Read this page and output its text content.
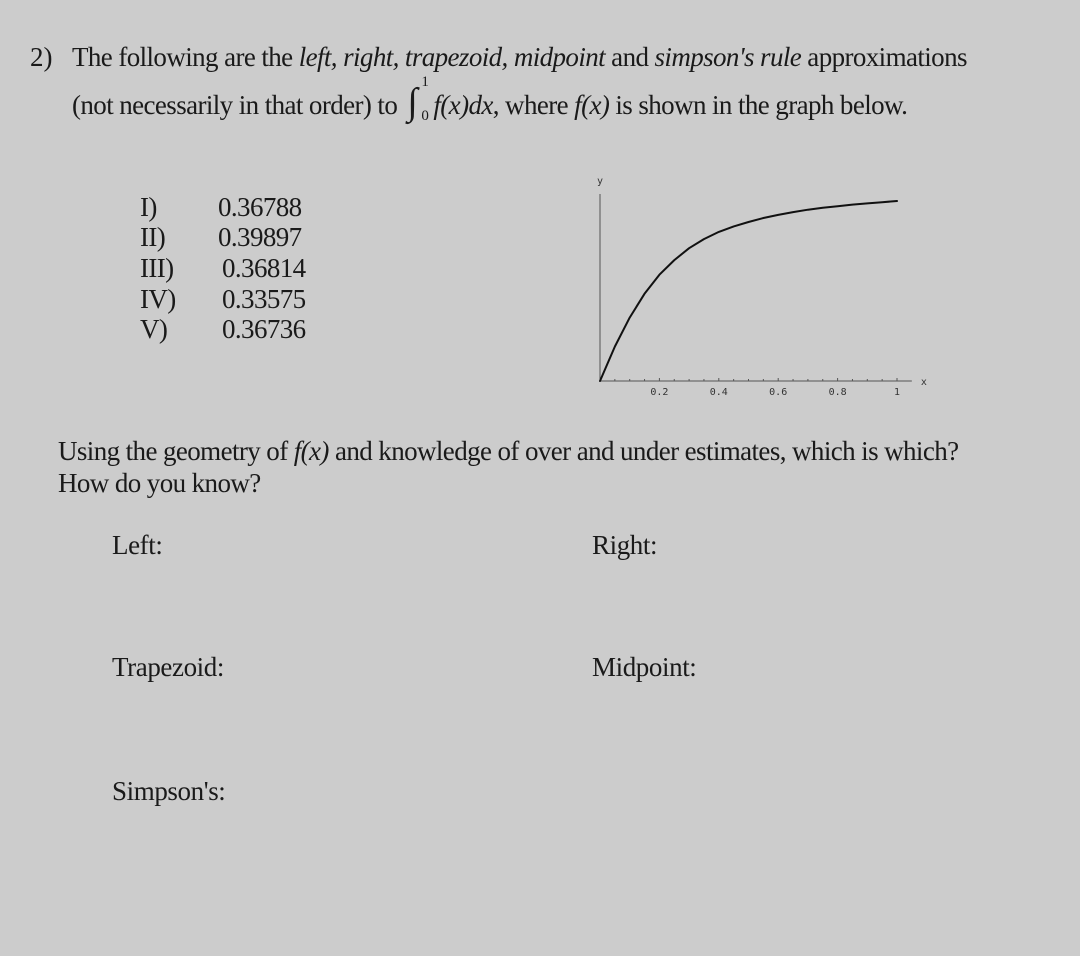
2) The following are the left, right, trapezoid, midpoint and simpson's rule approximations
(not necessarily in that order) to ∫ 1
0 f(x)dx, where f(x) is shown in the graph below.
I) 0.36788
II) 0.39897
III) 0.36814
IV) 0.33575
V) 0.36736
0.2	0.4	0.6	0.8	1
y
x
Using the geometry of f(x) and knowledge of over and under estimates, which is which?
How do you know?
Left:	Right:
Trapezoid:	Midpoint:
Simpson's:
